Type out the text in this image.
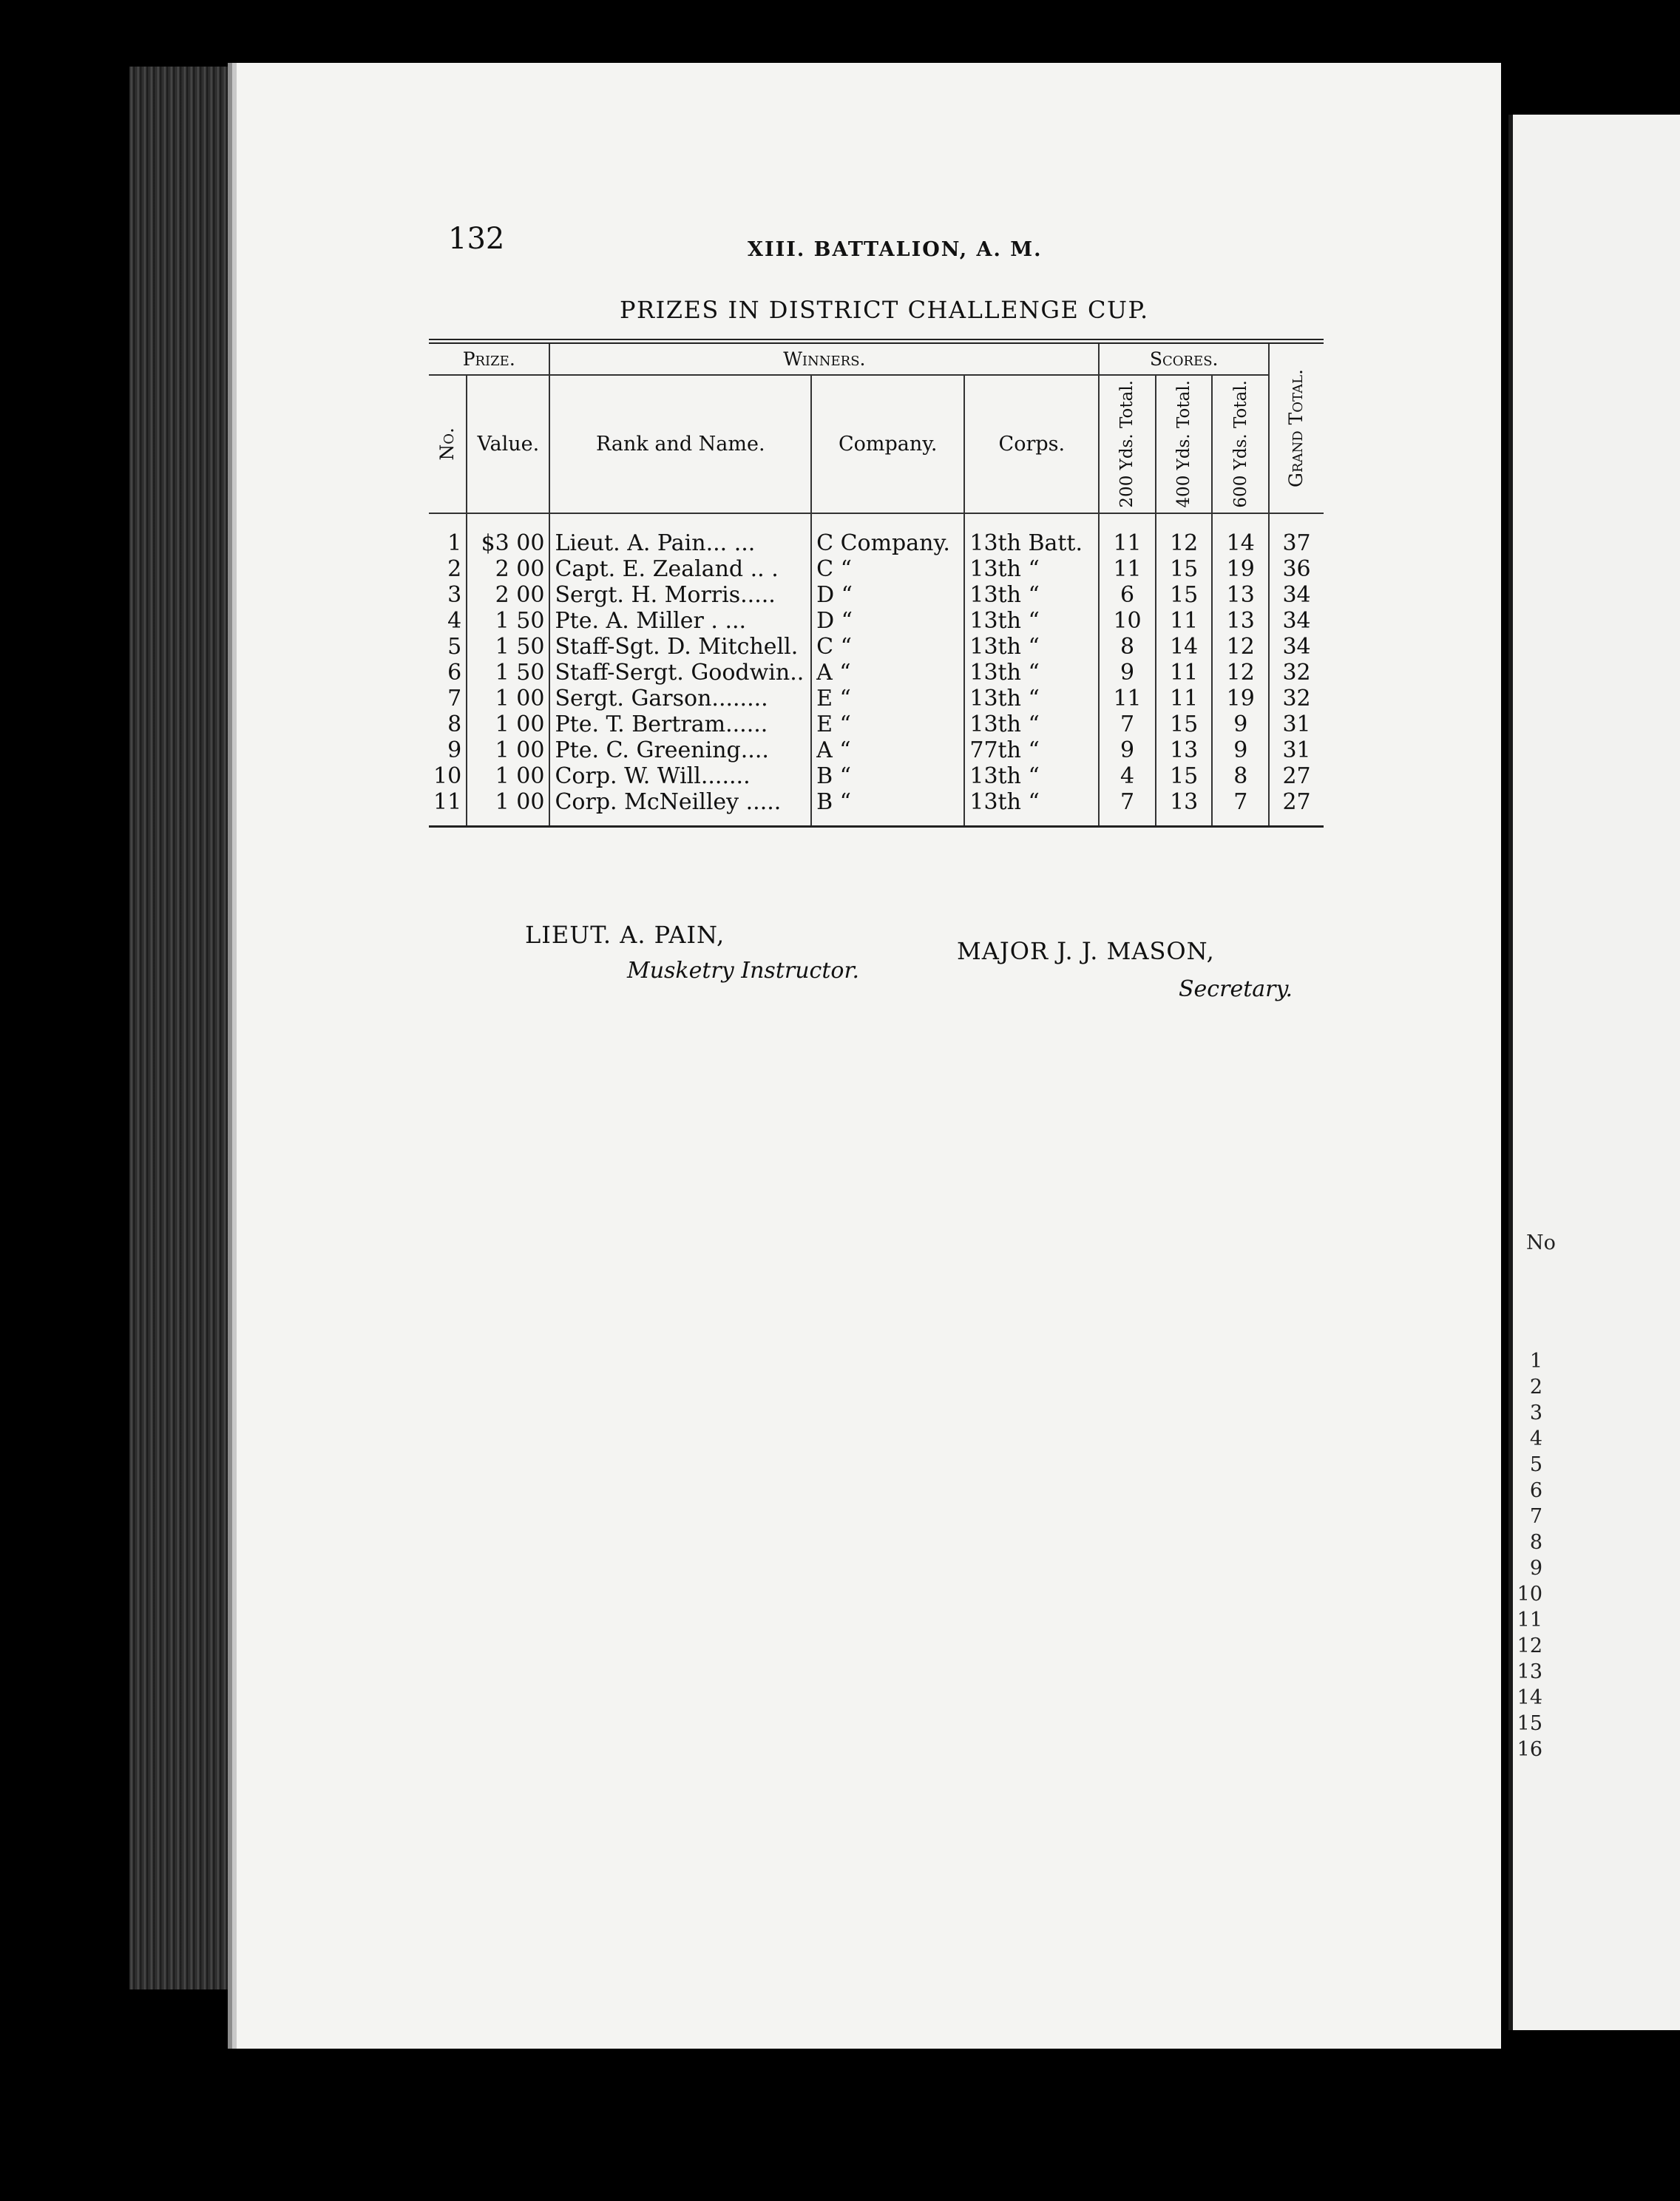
No
1
2
3
4
5
6
7
8
9
10
11
12
13
14
15
16
132	XIII. BATTALION, A. M.
PRIZES IN DISTRICT CHALLENGE CUP.
Prize.		Winners.			Scores.			Grand Total.

No.	Value.	Rank and Name.	Company.	Corps.	200 Yds. Total.	400 Yds. Total.	600 Yds. Total.	

1	$3 00	Lieut. A. Pain... ...	C Company.	13th Batt.	11	12	14	37
2	2 00	Capt. E. Zealand .. .	C “	13th “	11	15	19	36
3	2 00	Sergt. H. Morris.....	D “	13th “	6	15	13	34
4	1 50	Pte. A. Miller . ...	D “	13th “	10	11	13	34
5	1 50	Staff-Sgt. D. Mitchell.	C “	13th “	8	14	12	34
6	1 50	Staff-Sergt. Goodwin..	A “	13th “	9	11	12	32
7	1 00	Sergt. Garson........	E “	13th “	11	11	19	32
8	1 00	Pte. T. Bertram......	E “	13th “	7	15	9	31
9	1 00	Pte. C. Greening....	A “	77th “	9	13	9	31
10	1 00	Corp. W. Will.......	B “	13th “	4	15	8	27
11	1 00	Corp. McNeilley .....	B “	13th “	7	13	7	27
LIEUT. A. PAIN,
Musketry Instructor.
MAJOR J. J. MASON,
Secretary.
